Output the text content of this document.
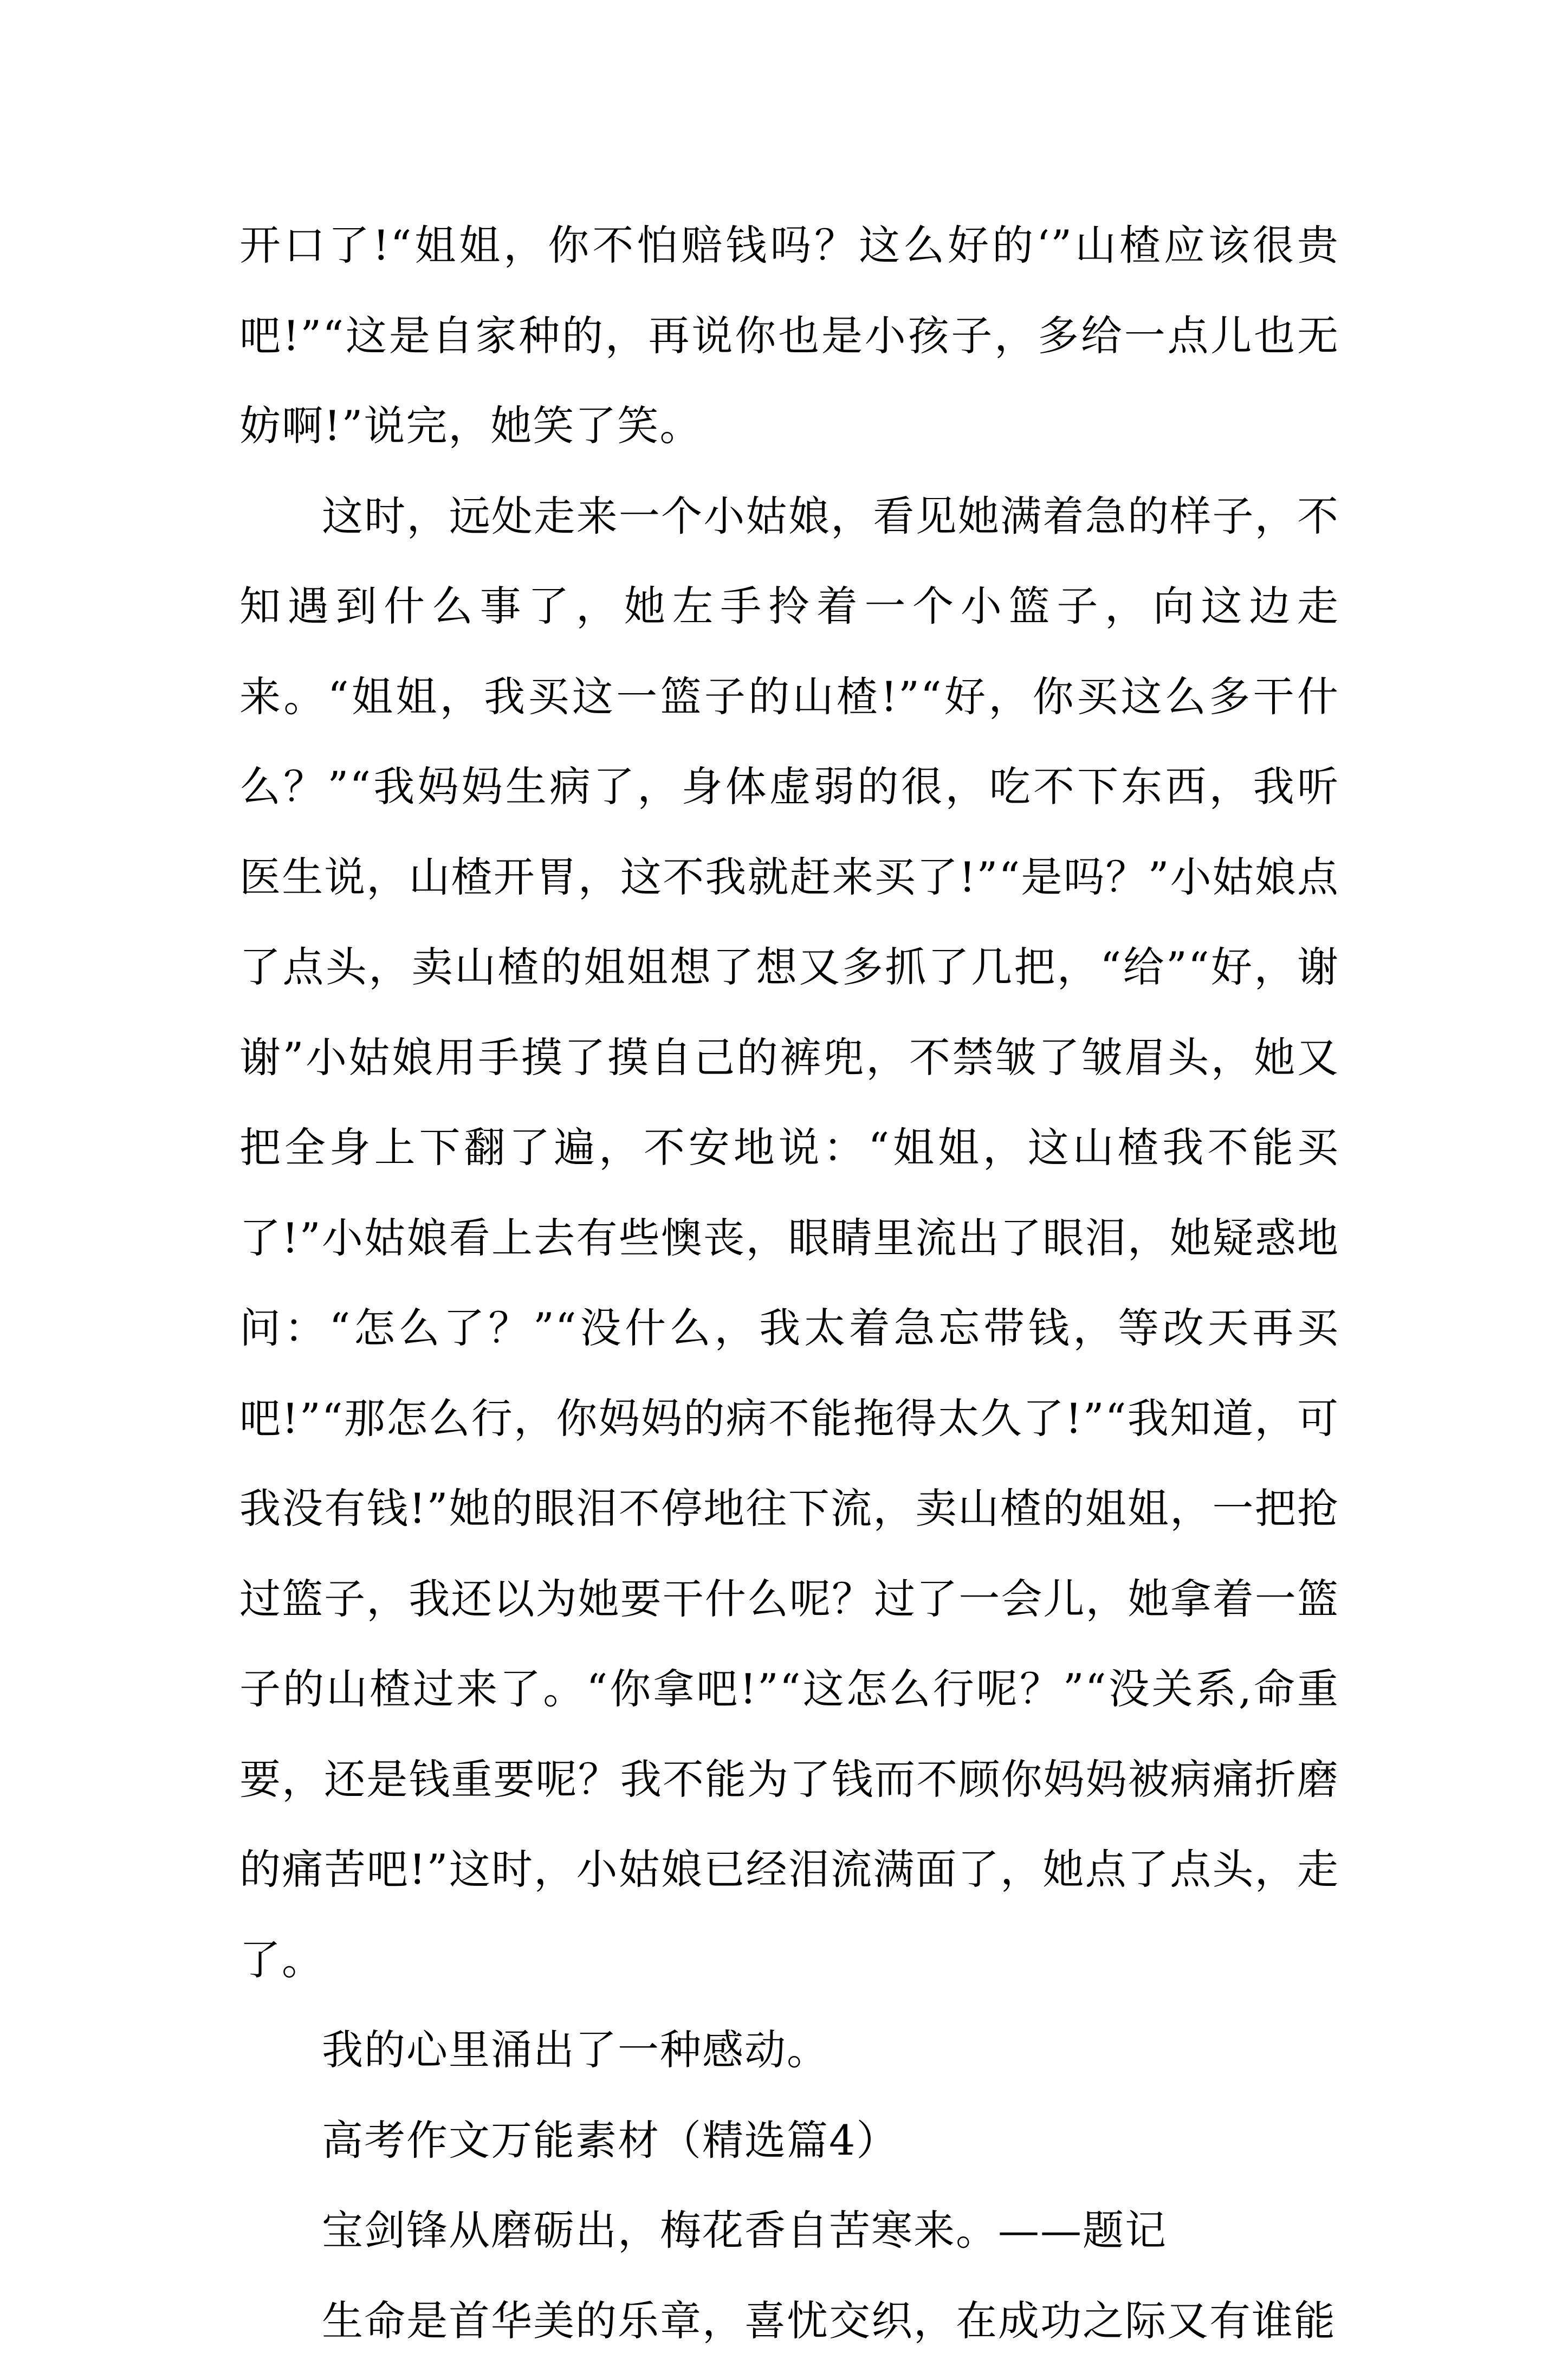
开口了!“姐姐，你不怕赔钱吗？这么好的‘”山楂应该很贵吧!”“这是自家种的，再说你也是小孩子，多给一点儿也无妨啊!”说完，她笑了笑。

这时，远处走来一个小姑娘，看见她满着急的样子，不知遇到什么事了，她左手拎着一个小篮子，向这边走来。“姐姐，我买这一篮子的山楂!”“好，你买这么多干什么？”“我妈妈生病了，身体虚弱的很，吃不下东西，我听医生说，山楂开胃，这不我就赶来买了!”“是吗？”小姑娘点了点头，卖山楂的姐姐想了想又多抓了几把，“给”“好，谢谢”小姑娘用手摸了摸自己的裤兜，不禁皱了皱眉头，她又把全身上下翻了遍，不安地说：“姐姐，这山楂我不能买了!”小姑娘看上去有些懊丧，眼睛里流出了眼泪，她疑惑地问：“怎么了？”“没什么，我太着急忘带钱，等改天再买吧!”“那怎么行，你妈妈的病不能拖得太久了!”“我知道，可我没有钱!”她的眼泪不停地往下流，卖山楂的姐姐，一把抢过篮子，我还以为她要干什么呢？过了一会儿，她拿着一篮子的山楂过来了。“你拿吧!”“这怎么行呢？”“没关系,命重要，还是钱重要呢？我不能为了钱而不顾你妈妈被病痛折磨的痛苦吧!”这时，小姑娘已经泪流满面了，她点了点头，走了。

我的心里涌出了一种感动。

高考作文万能素材（精选篇4）

宝剑锋从磨砺出，梅花香自苦寒来。——题记

生命是首华美的乐章，喜忧交织，在成功之际又有谁能
